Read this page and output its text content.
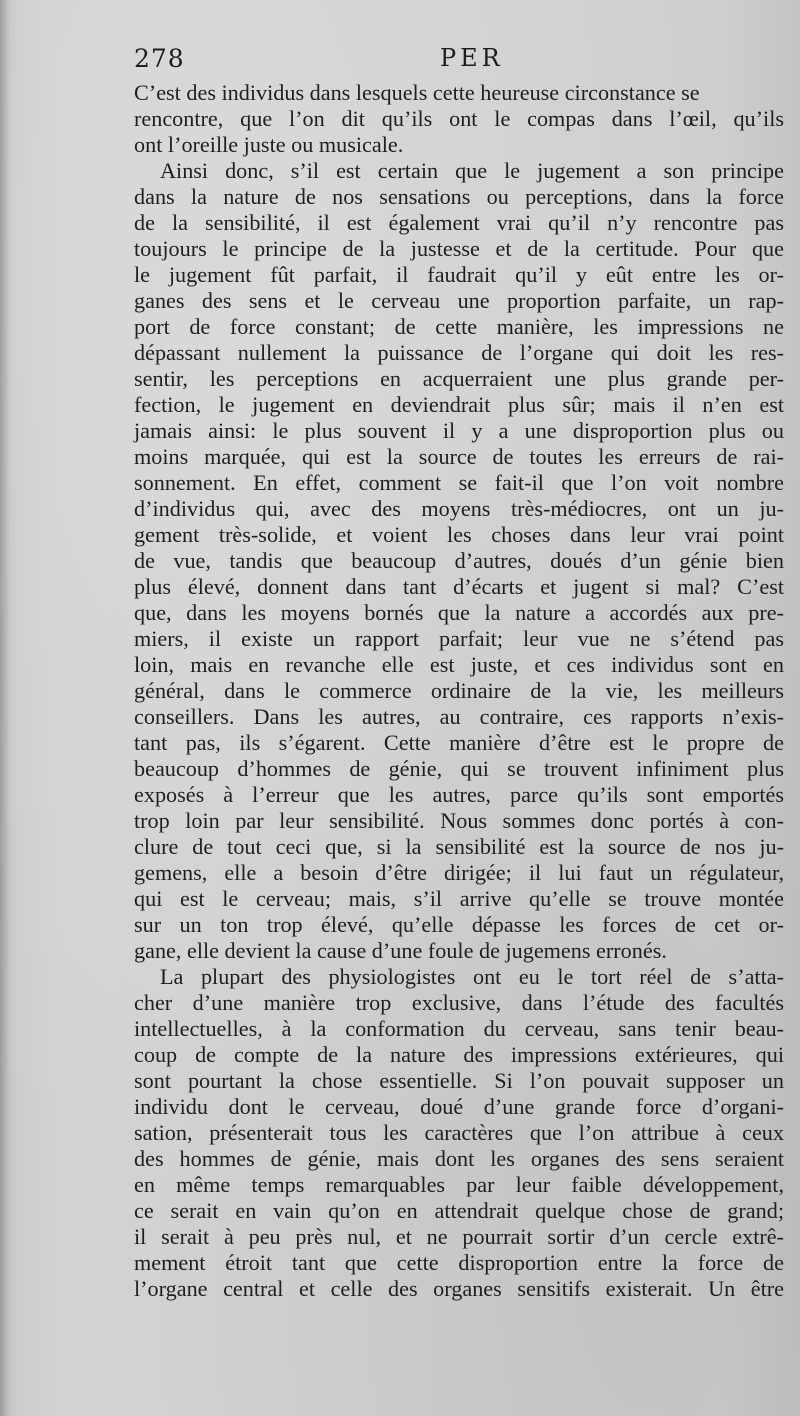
278	PER
C’est des individus dans lesquels cette heureuse circonstance se
rencontre, que l’on dit qu’ils ont le compas dans l’œil, qu’ils
ont l’oreille juste ou musicale.
Ainsi donc, s’il est certain que le jugement a son principe
dans la nature de nos sensations ou perceptions, dans la force
de la sensibilité, il est également vrai qu’il n’y rencontre pas
toujours le principe de la justesse et de la certitude. Pour que
le jugement fût parfait, il faudrait qu’il y eût entre les or-
ganes des sens et le cerveau une proportion parfaite, un rap-
port de force constant; de cette manière, les impressions ne
dépassant nullement la puissance de l’organe qui doit les res-
sentir, les perceptions en acquerraient une plus grande per-
fection, le jugement en deviendrait plus sûr; mais il n’en est
jamais ainsi: le plus souvent il y a une disproportion plus ou
moins marquée, qui est la source de toutes les erreurs de rai-
sonnement. En effet, comment se fait-il que l’on voit nombre
d’individus qui, avec des moyens très-médiocres, ont un ju-
gement très-solide, et voient les choses dans leur vrai point
de vue, tandis que beaucoup d’autres, doués d’un génie bien
plus élevé, donnent dans tant d’écarts et jugent si mal? C’est
que, dans les moyens bornés que la nature a accordés aux pre-
miers, il existe un rapport parfait; leur vue ne s’étend pas
loin, mais en revanche elle est juste, et ces individus sont en
général, dans le commerce ordinaire de la vie, les meilleurs
conseillers. Dans les autres, au contraire, ces rapports n’exis-
tant pas, ils s’égarent. Cette manière d’être est le propre de
beaucoup d’hommes de génie, qui se trouvent infiniment plus
exposés à l’erreur que les autres, parce qu’ils sont emportés
trop loin par leur sensibilité. Nous sommes donc portés à con-
clure de tout ceci que, si la sensibilité est la source de nos ju-
gemens, elle a besoin d’être dirigée; il lui faut un régulateur,
qui est le cerveau; mais, s’il arrive qu’elle se trouve montée
sur un ton trop élevé, qu’elle dépasse les forces de cet or-
gane, elle devient la cause d’une foule de jugemens erronés.
La plupart des physiologistes ont eu le tort réel de s’atta-
cher d’une manière trop exclusive, dans l’étude des facultés
intellectuelles, à la conformation du cerveau, sans tenir beau-
coup de compte de la nature des impressions extérieures, qui
sont pourtant la chose essentielle. Si l’on pouvait supposer un
individu dont le cerveau, doué d’une grande force d’organi-
sation, présenterait tous les caractères que l’on attribue à ceux
des hommes de génie, mais dont les organes des sens seraient
en même temps remarquables par leur faible développement,
ce serait en vain qu’on en attendrait quelque chose de grand;
il serait à peu près nul, et ne pourrait sortir d’un cercle extrê-
mement étroit tant que cette disproportion entre la force de
l’organe central et celle des organes sensitifs existerait. Un être
